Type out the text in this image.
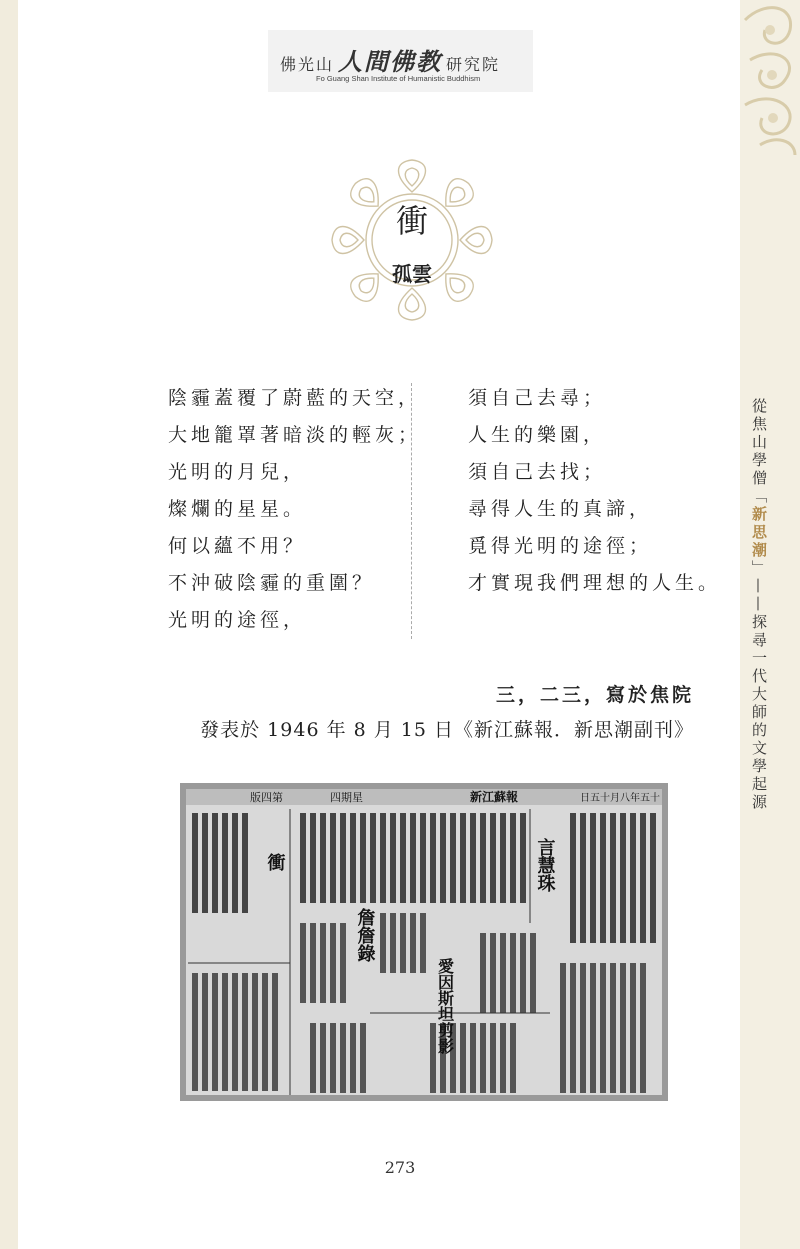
從焦山學僧「新思潮」——探尋一代大師的文學起源
佛光山 人間佛教 研究院
Fo Guang Shan Institute of Humanistic Buddhism
衝
孤雲
陰霾蓋覆了蔚藍的天空，
大地籠罩著暗淡的輕灰；
光明的月兒，
燦爛的星星。
何以蘊不用？
不沖破陰霾的重圍？
光明的途徑，
須自己去尋；
人生的樂園，
須自己去找；
尋得人生的真諦，
覓得光明的途徑；
才實現我們理想的人生。
三，二三，寫於焦院
發表於 1946 年 8 月 15 日《新江蘇報．新思潮副刊》
版四第	四期星	新江蘇報	日五十月八年五十
衝	言慧珠
詹詹錄
愛因斯坦剪影
273
